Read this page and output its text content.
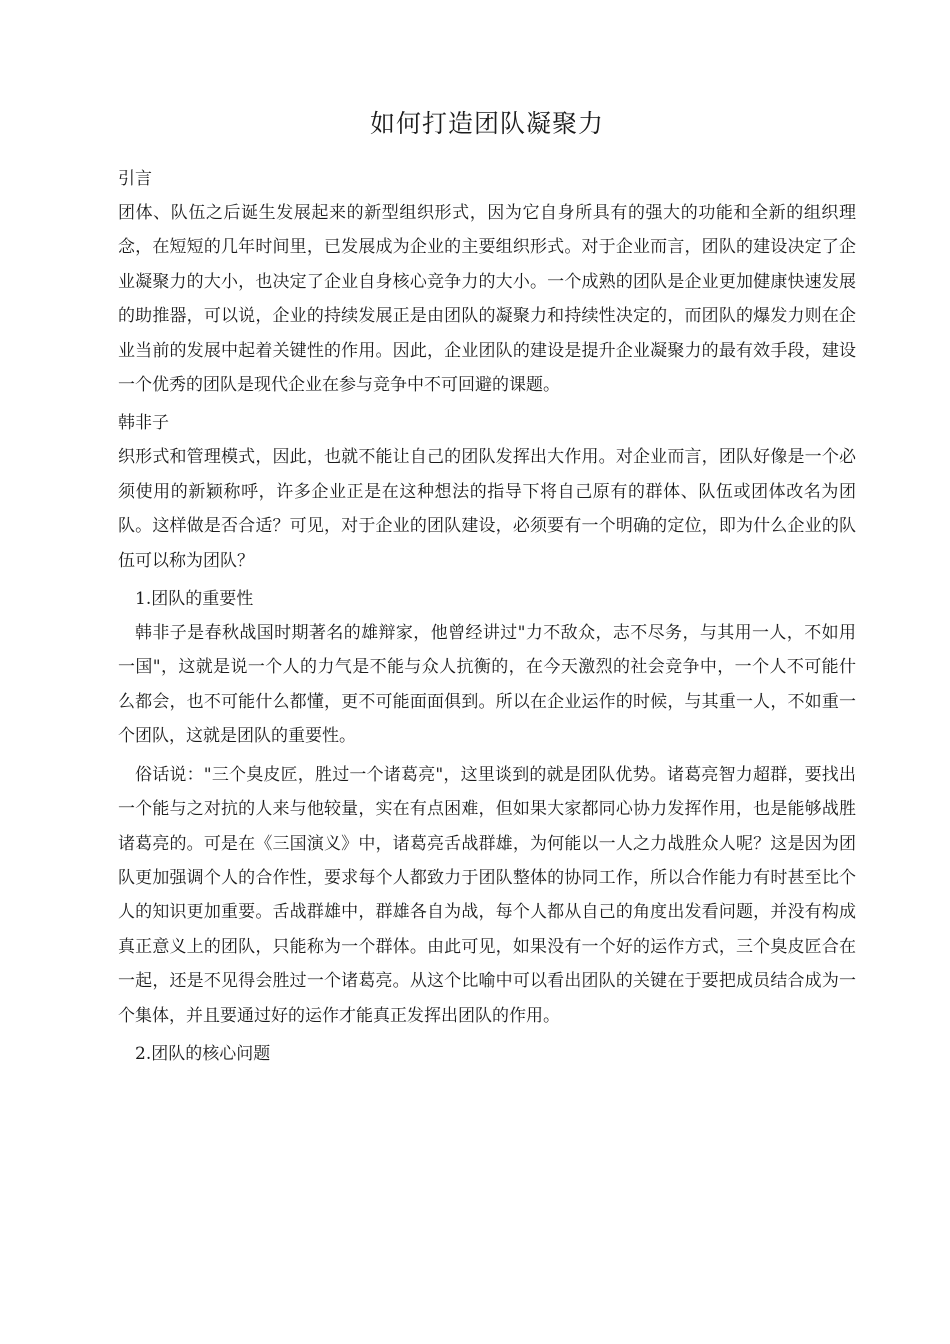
如何打造团队凝聚力

引言

团体、队伍之后诞生发展起来的新型组织形式，因为它自身所具有的强大的功能和全新的组织理念，在短短的几年时间里，已发展成为企业的主要组织形式。对于企业而言，团队的建设决定了企业凝聚力的大小，也决定了企业自身核心竞争力的大小。一个成熟的团队是企业更加健康快速发展的助推器，可以说，企业的持续发展正是由团队的凝聚力和持续性决定的，而团队的爆发力则在企业当前的发展中起着关键性的作用。因此，企业团队的建设是提升企业凝聚力的最有效手段，建设一个优秀的团队是现代企业在参与竞争中不可回避的课题。

韩非子

织形式和管理模式，因此，也就不能让自己的团队发挥出大作用。对企业而言，团队好像是一个必须使用的新颖称呼，许多企业正是在这种想法的指导下将自己原有的群体、队伍或团体改名为团队。这样做是否合适？可见，对于企业的团队建设，必须要有一个明确的定位，即为什么企业的队伍可以称为团队？

1.团队的重要性

韩非子是春秋战国时期著名的雄辩家，他曾经讲过"力不敌众，志不尽务，与其用一人，不如用一国"，这就是说一个人的力气是不能与众人抗衡的，在今天激烈的社会竞争中，一个人不可能什么都会，也不可能什么都懂，更不可能面面俱到。所以在企业运作的时候，与其重一人，不如重一个团队，这就是团队的重要性。

俗话说："三个臭皮匠，胜过一个诸葛亮"，这里谈到的就是团队优势。诸葛亮智力超群，要找出一个能与之对抗的人来与他较量，实在有点困难，但如果大家都同心协力发挥作用，也是能够战胜诸葛亮的。可是在《三国演义》中，诸葛亮舌战群雄，为何能以一人之力战胜众人呢？这是因为团队更加强调个人的合作性，要求每个人都致力于团队整体的协同工作，所以合作能力有时甚至比个人的知识更加重要。舌战群雄中，群雄各自为战，每个人都从自己的角度出发看问题，并没有构成真正意义上的团队，只能称为一个群体。由此可见，如果没有一个好的运作方式，三个臭皮匠合在一起，还是不见得会胜过一个诸葛亮。从这个比喻中可以看出团队的关键在于要把成员结合成为一个集体，并且要通过好的运作才能真正发挥出团队的作用。

2.团队的核心问题
